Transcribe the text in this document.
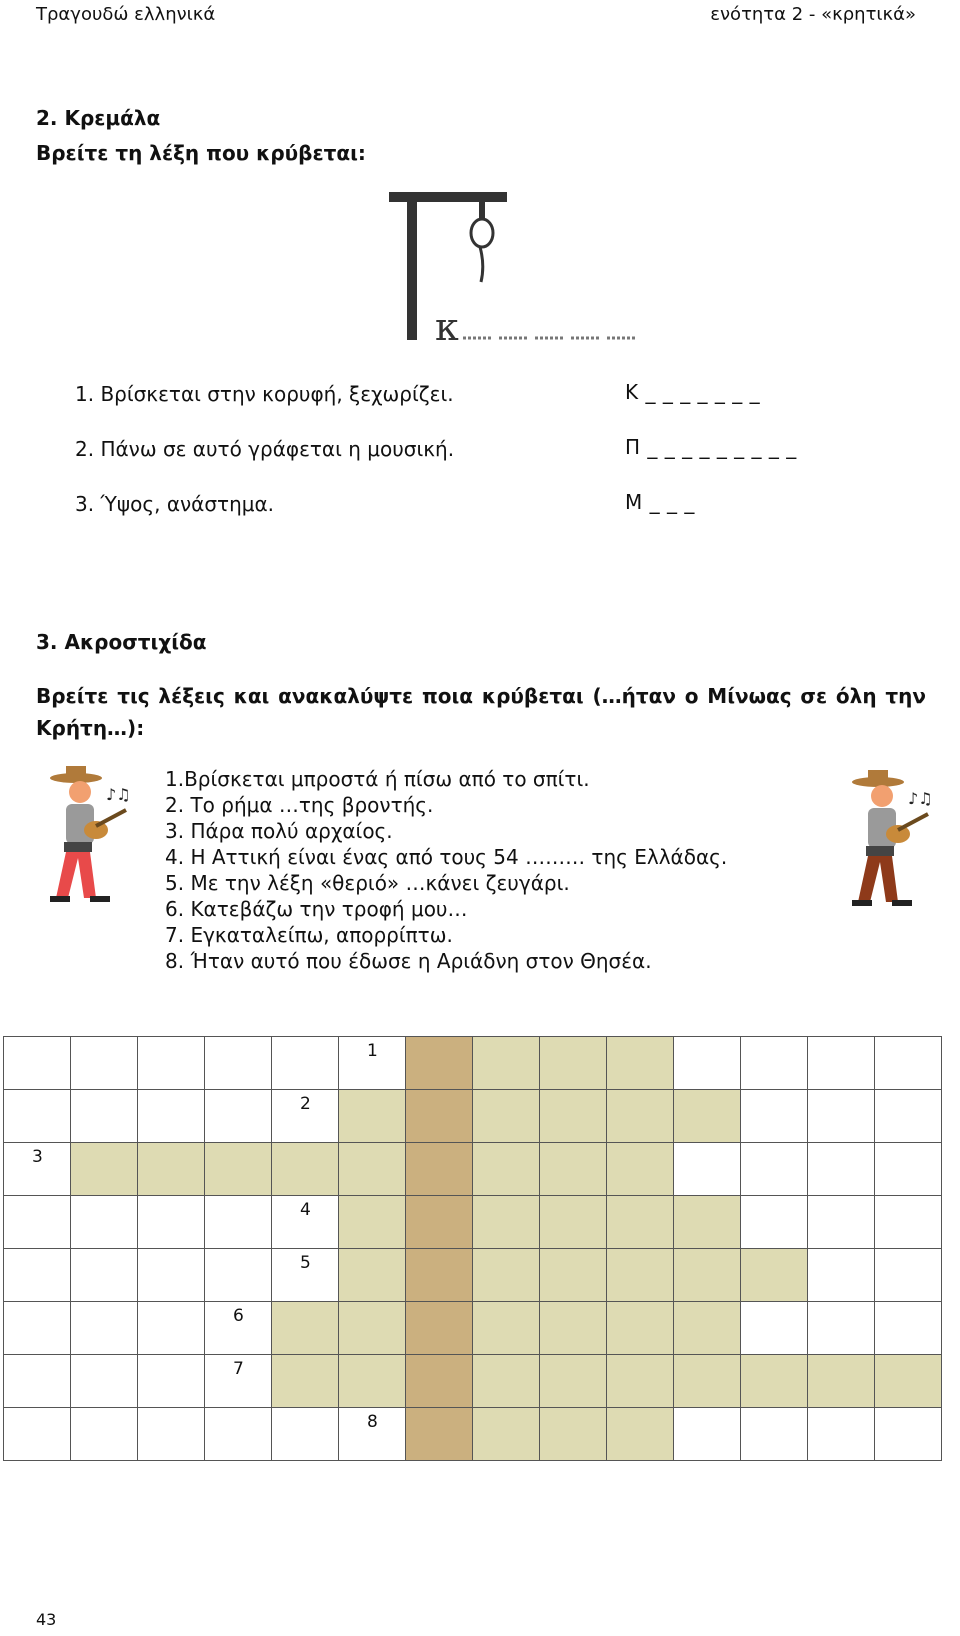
Τραγουδώ ελληνικά	ενότητα 2 - «κρητικά»
2. Κρεμάλα
Βρείτε τη λέξη που κρύβεται:
κ
1. Βρίσκεται στην κορυφή, ξεχωρίζει.	Κ _ _ _ _ _ _ _
2. Πάνω σε αυτό γράφεται η μουσική.	Π _ _ _ _ _ _ _ _ _
3. Ύψος, ανάστημα.	Μ _ _ _
3. Ακροστιχίδα
Βρείτε τις λέξεις και ανακαλύψτε ποια κρύβεται (…ήταν ο Μίνωας σε όλη την Κρήτη…):
♪♫	♪♫
1.Βρίσκεται μπροστά ή πίσω από το σπίτι.
2. Το ρήμα …της βροντής.
3. Πάρα πολύ αρχαίος.
4. Η Αττική είναι ένας από τους 54 ……… της Ελλάδας.
5. Με την λέξη «θεριό» …κάνει ζευγάρι.
6. Κατεβάζω την τροφή μου…
7. Εγκαταλείπω, απορρίπτω.
8. Ήταν αυτό που έδωσε η Αριάδνη στον Θησέα.

					1								

				2									

3													

				4									

				5									

			6										

			7										

					8								

43
